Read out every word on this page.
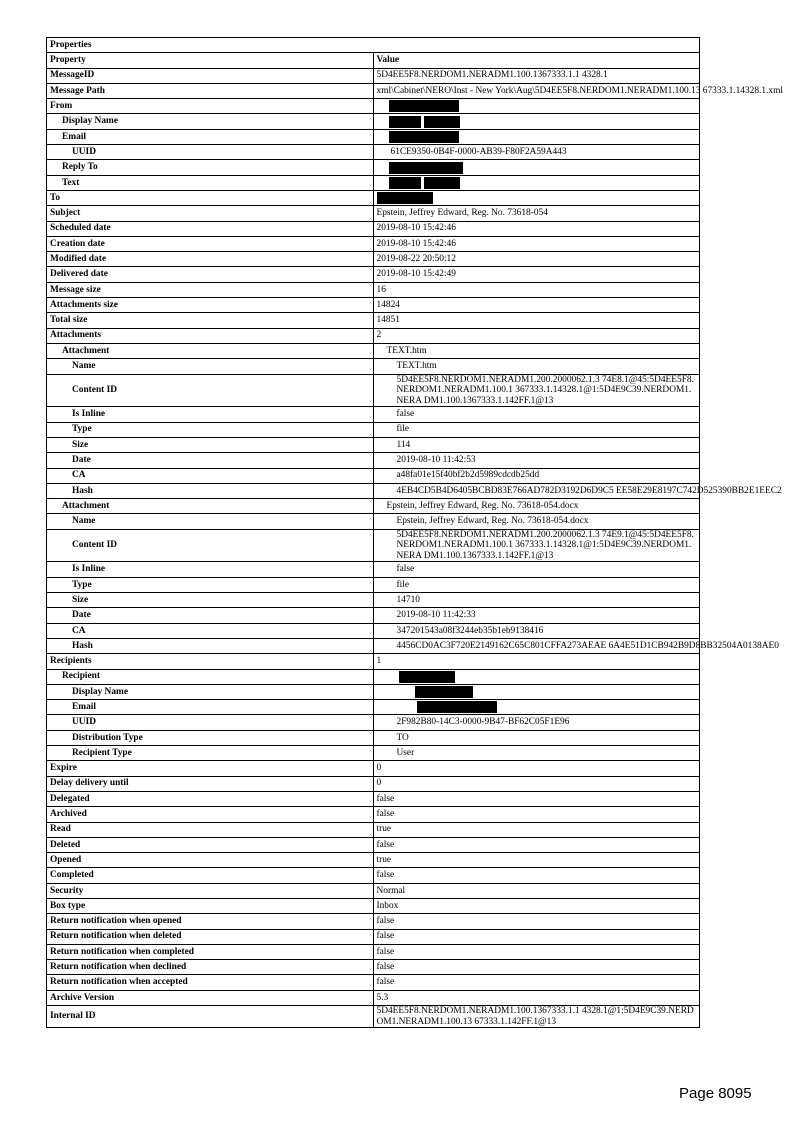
Properties	
Property	Value
MessageID	5D4EE5F8.NERDOM1.NERADM1.100.1367333.1.1 4328.1
Message Path	xml\Cabinet\NERO\Inst - New York\Aug\5D4EE5F8.NERDOM1.NERADM1.100.13 67333.1.14328.1.xml
From	
Display Name	
Email	
UUID	61CE9350-0B4F-0000-AB39-F80F2A59A443
Reply To	
Text	
To	
Subject	Epstein, Jeffrey Edward, Reg. No. 73618-054
Scheduled date	2019-08-10 15:42:46
Creation date	2019-08-10 15:42:46
Modified date	2019-08-22 20:50:12
Delivered date	2019-08-10 15:42:49
Message size	16
Attachments size	14824
Total size	14851
Attachments	2
Attachment	TEXT.htm
Name	TEXT.htm
Content ID	5D4EE5F8.NERDOM1.NERADM1.200.2000062.1.3 74E8.1@45:5D4EE5F8.NERDOM1.NERADM1.100.1 367333.1.14328.1@1:5D4E9C39.NERDOM1.NERA DM1.100.1367333.1.142FF.1@13
Is Inline	false
Type	file
Size	114
Date	2019-08-10 11:42:53
CA	a48fa01e15f40bf2b2d5989cdcdb25dd
Hash	4EB4CD5B4D6405BCBD83E766AD782D3192D6D9C5 EE58E29E8197C742D525390BB2E1EEC2
Attachment	Epstein, Jeffrey Edward, Reg. No. 73618-054.docx
Name	Epstein, Jeffrey Edward, Reg. No. 73618-054.docx
Content ID	5D4EE5F8.NERDOM1.NERADM1.200.2000062.1.3 74E9.1@45:5D4EE5F8.NERDOM1.NERADM1.100.1 367333.1.14328.1@1:5D4E9C39.NERDOM1.NERA DM1.100.1367333.1.142FF.1@13
Is Inline	false
Type	file
Size	14710
Date	2019-08-10 11:42:33
CA	347201543a08f3244eb35b1eb9138416
Hash	4456CD0AC3F720E2149162C65C801CFFA273AEAE 6A4E51D1CB942B9D8BB32504A0138AE0
Recipients	1
Recipient	
Display Name	
Email	
UUID	2F982B80-14C3-0000-9B47-BF62C05F1E96
Distribution Type	TO
Recipient Type	User
Expire	0
Delay delivery until	0
Delegated	false
Archived	false
Read	true
Deleted	false
Opened	true
Completed	false
Security	Normal
Box type	Inbox
Return notification when opened	false
Return notification when deleted	false
Return notification when completed	false
Return notification when declined	false
Return notification when accepted	false
Archive Version	5.3
Internal ID	5D4EE5F8.NERDOM1.NERADM1.100.1367333.1.1 4328.1@1:5D4E9C39.NERDOM1.NERADM1.100.13 67333.1.142FF.1@13
Page 8095
